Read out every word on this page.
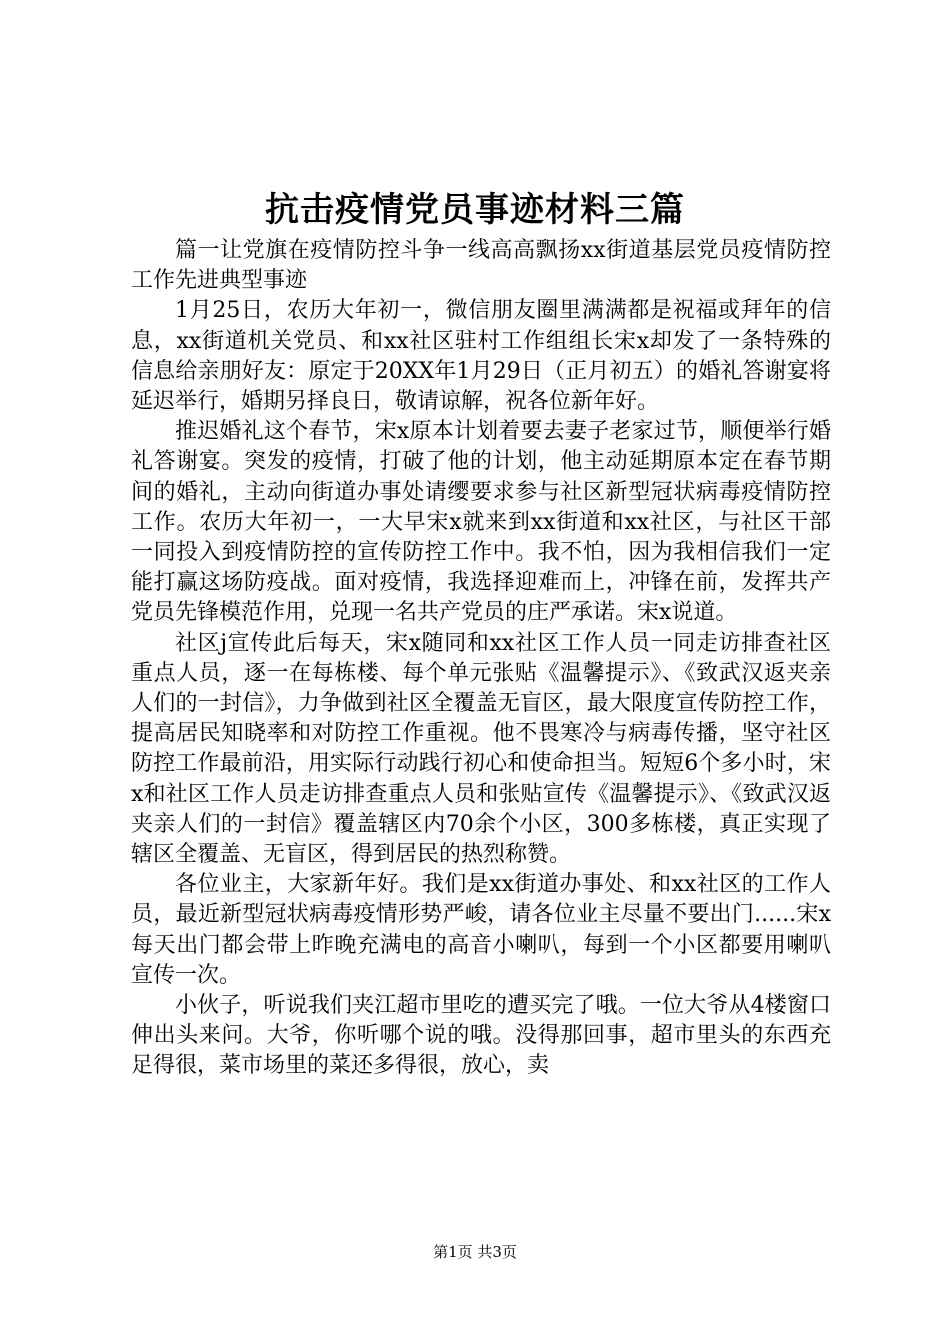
抗击疫情党员事迹材料三篇

篇一让党旗在疫情防控斗争一线高高飘扬xx街道基层党员疫情防控工作先进典型事迹

1月25日，农历大年初一，微信朋友圈里满满都是祝福或拜年的信息，xx街道机关党员、和xx社区驻村工作组组长宋x却发了一条特殊的信息给亲朋好友：原定于20XX年1月29日（正月初五）的婚礼答谢宴将延迟举行，婚期另择良日，敬请谅解，祝各位新年好。

推迟婚礼这个春节，宋x原本计划着要去妻子老家过节，顺便举行婚礼答谢宴。突发的疫情，打破了他的计划，他主动延期原本定在春节期间的婚礼，主动向街道办事处请缨要求参与社区新型冠状病毒疫情防控工作。农历大年初一，一大早宋x就来到xx街道和xx社区，与社区干部一同投入到疫情防控的宣传防控工作中。我不怕，因为我相信我们一定能打赢这场防疫战。面对疫情，我选择迎难而上，冲锋在前，发挥共产党员先锋模范作用，兑现一名共产党员的庄严承诺。宋x说道。

社区j宣传此后每天，宋x随同和xx社区工作人员一同走访排查社区重点人员，逐一在每栋楼、每个单元张贴《温馨提示》、《致武汉返夹亲人们的一封信》，力争做到社区全覆盖无盲区，最大限度宣传防控工作，提高居民知晓率和对防控工作重视。他不畏寒冷与病毒传播，坚守社区防控工作最前沿，用实际行动践行初心和使命担当。短短6个多小时，宋x和社区工作人员走访排查重点人员和张贴宣传《温馨提示》、《致武汉返夹亲人们的一封信》覆盖辖区内70余个小区，300多栋楼，真正实现了辖区全覆盖、无盲区，得到居民的热烈称赞。

各位业主，大家新年好。我们是xx街道办事处、和xx社区的工作人员，最近新型冠状病毒疫情形势严峻，请各位业主尽量不要出门......宋x每天出门都会带上昨晚充满电的高音小喇叭，每到一个小区都要用喇叭宣传一次。

小伙子，听说我们夹江超市里吃的遭买完了哦。一位大爷从4楼窗口伸出头来问。大爷，你听哪个说的哦。没得那回事，超市里头的东西充足得很，菜市场里的菜还多得很，放心，卖

第1页 共3页
